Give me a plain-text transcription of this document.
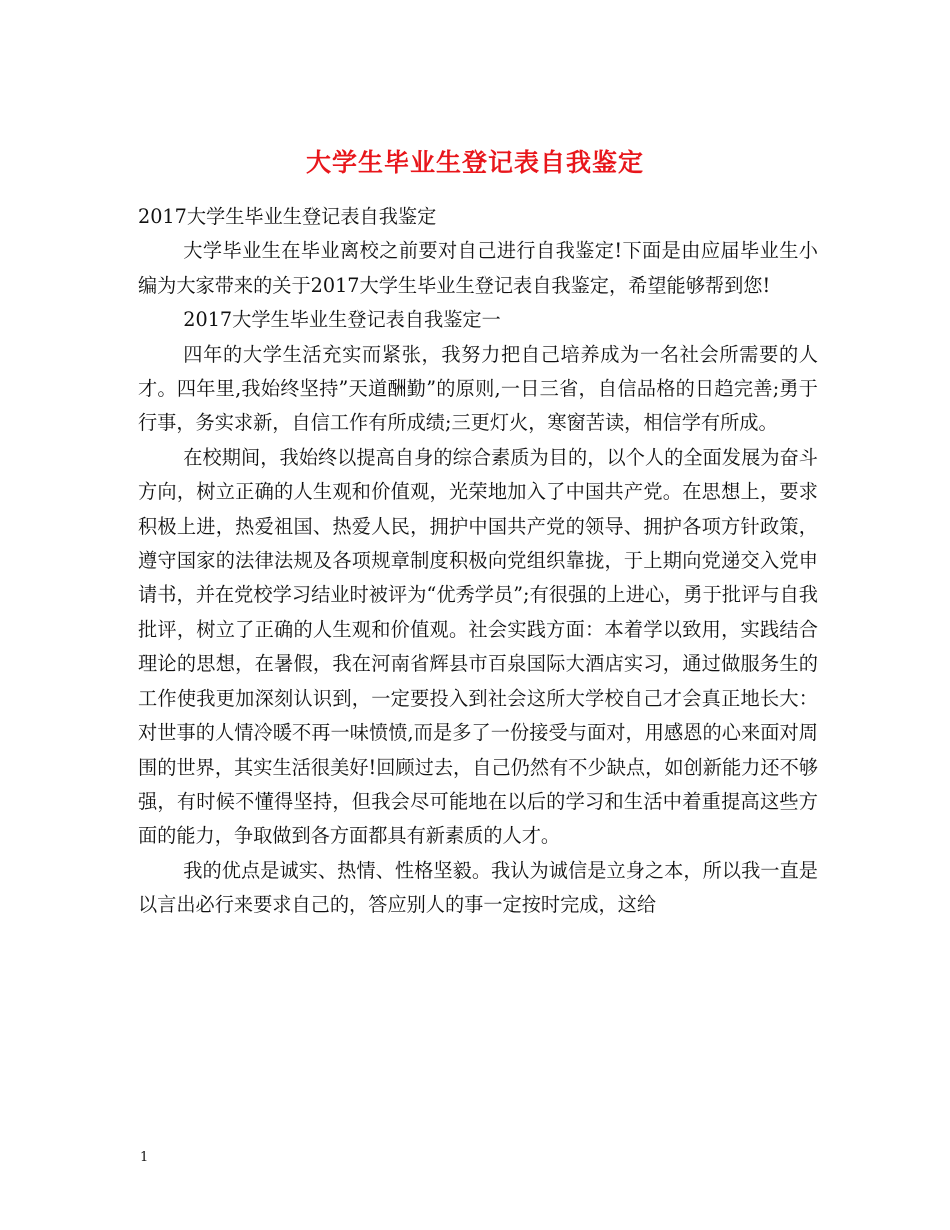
大学生毕业生登记表自我鉴定

2017大学生毕业生登记表自我鉴定

大学毕业生在毕业离校之前要对自己进行自我鉴定!下面是由应届毕业生小编为大家带来的关于2017大学生毕业生登记表自我鉴定，希望能够帮到您!

2017大学生毕业生登记表自我鉴定一

四年的大学生活充实而紧张，我努力把自己培养成为一名社会所需要的人才。四年里,我始终坚持”天道酬勤”的原则,一日三省，自信品格的日趋完善;勇于行事，务实求新，自信工作有所成绩;三更灯火，寒窗苦读，相信学有所成。

在校期间，我始终以提高自身的综合素质为目的，以个人的全面发展为奋斗方向，树立正确的人生观和价值观，光荣地加入了中国共产党。在思想上，要求积极上进，热爱祖国、热爱人民，拥护中国共产党的领导、拥护各项方针政策，遵守国家的法律法规及各项规章制度积极向党组织靠拢，于上期向党递交入党申请书，并在党校学习结业时被评为“优秀学员”;有很强的上进心，勇于批评与自我批评，树立了正确的人生观和价值观。社会实践方面：本着学以致用，实践结合理论的思想，在暑假，我在河南省辉县市百泉国际大酒店实习，通过做服务生的工作使我更加深刻认识到，一定要投入到社会这所大学校自己才会真正地长大：对世事的人情冷暖不再一味愤愤,而是多了一份接受与面对，用感恩的心来面对周围的世界，其实生活很美好!回顾过去，自己仍然有不少缺点，如创新能力还不够强，有时候不懂得坚持，但我会尽可能地在以后的学习和生活中着重提高这些方面的能力，争取做到各方面都具有新素质的人才。

我的优点是诚实、热情、性格坚毅。我认为诚信是立身之本，所以我一直是以言出必行来要求自己的，答应别人的事一定按时完成，这给

1
